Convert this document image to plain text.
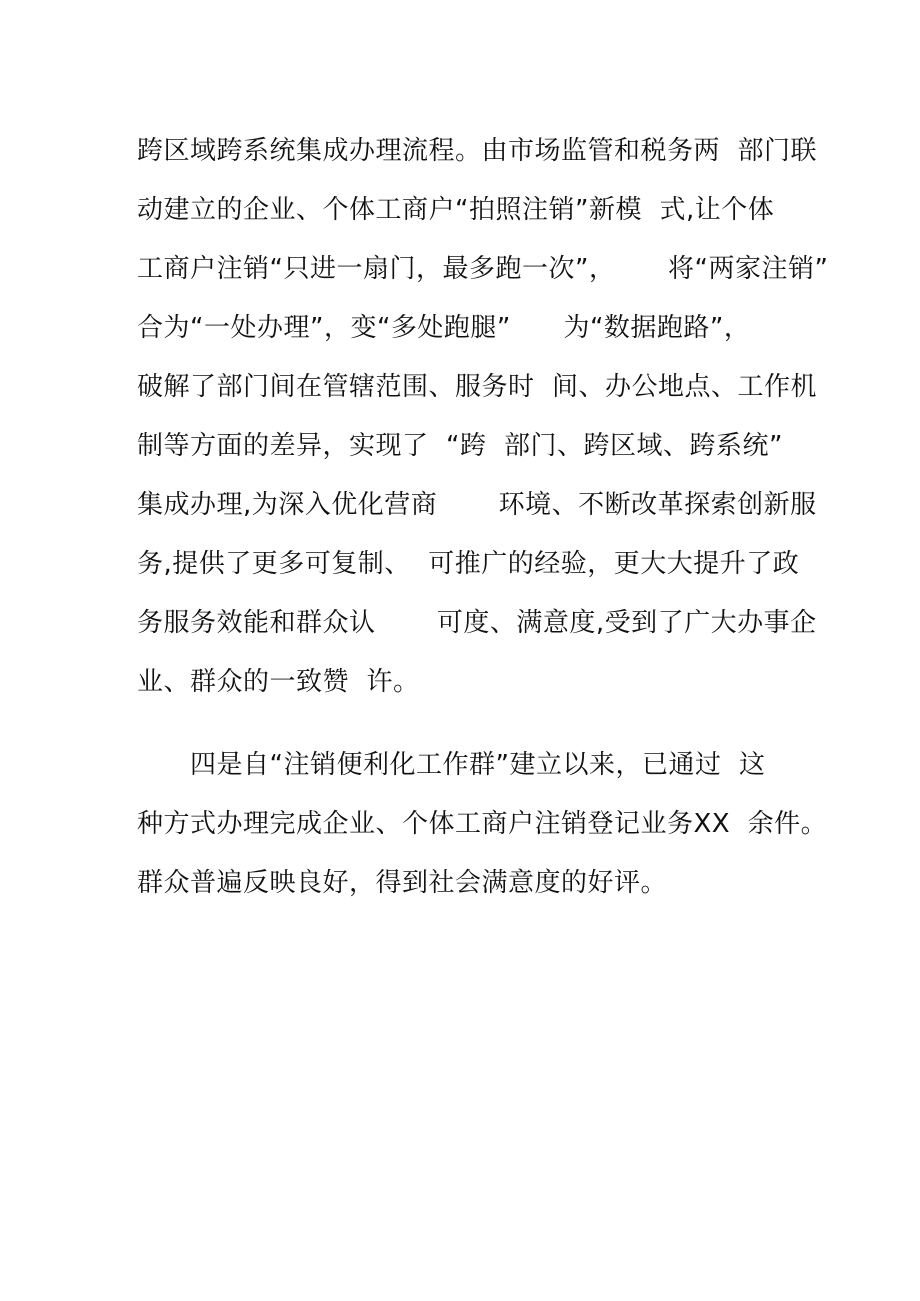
跨区域跨系统集成办理流程。由市场监管和税务两  部门联
动建立的企业、个体工商户“拍照注销”新模  式,让个体
工商户注销“只进一扇门，最多跑一次”，      将“两家注销”
合为“一处办理”，变“多处跑腿”      为“数据跑路”，
破解了部门间在管辖范围、服务时  间、办公地点、工作机
制等方面的差异，实现了  “跨  部门、跨区域、跨系统”
集成办理,为深入优化营商       环境、不断改革探索创新服
务,提供了更多可复制、  可推广的经验，更大大提升了政
务服务效能和群众认       可度、满意度,受到了广大办事企
业、群众的一致赞  许。
四是自“注销便利化工作群”建立以来，已通过  这
种方式办理完成企业、个体工商户注销登记业务XX  余件。
群众普遍反映良好，得到社会满意度的好评。
